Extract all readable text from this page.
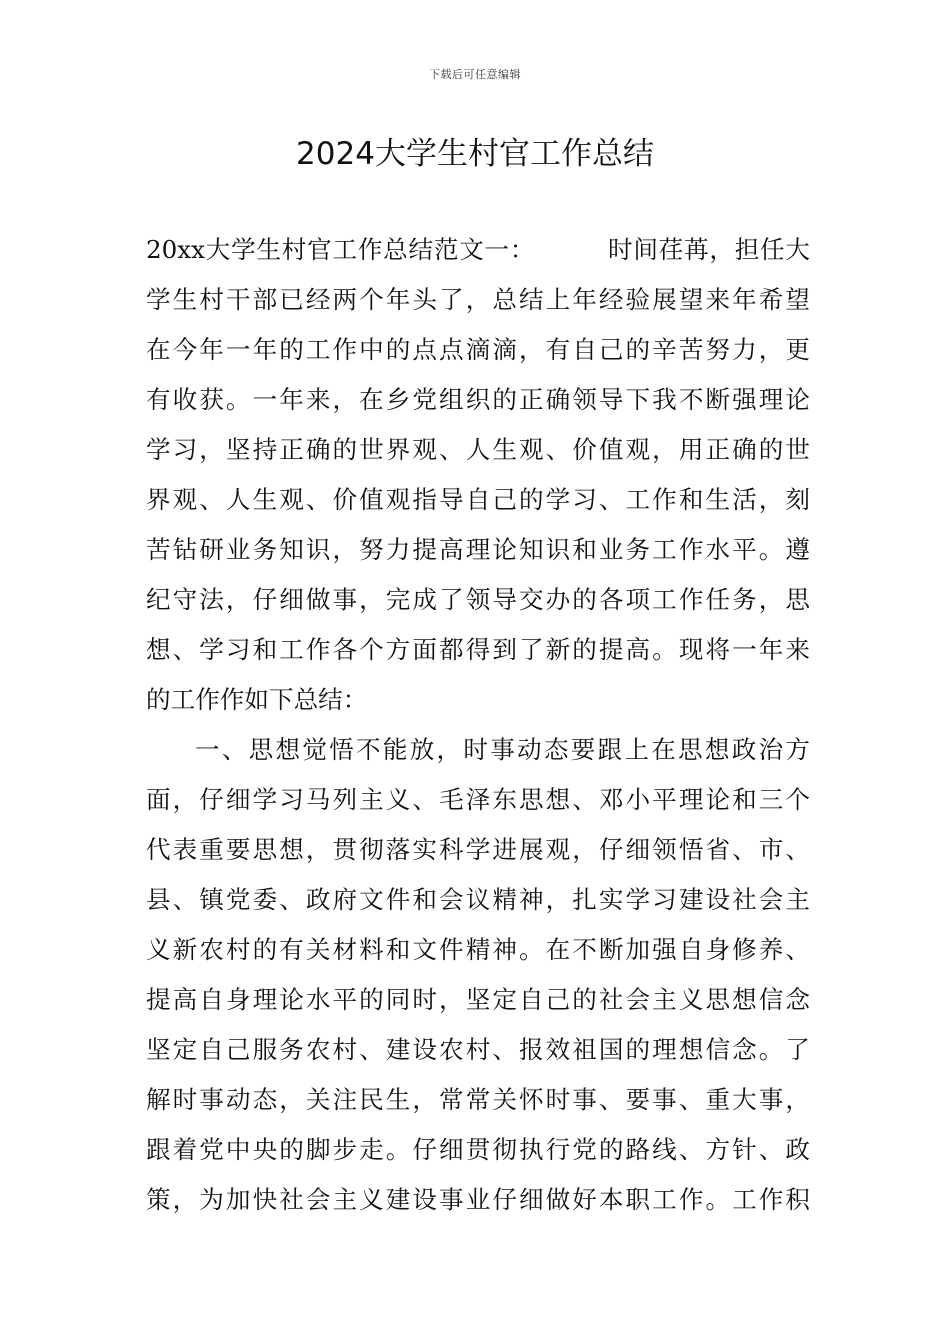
下载后可任意编辑
2024大学生村官工作总结
20xx大学生村官工作总结范文一：	时间荏苒，担任大
学生村干部已经两个年头了，总结上年经验展望来年希望
在今年一年的工作中的点点滴滴，有自己的辛苦努力，更
有收获。一年来，在乡党组织的正确领导下我不断强理论
学习，坚持正确的世界观、人生观、价值观，用正确的世
界观、人生观、价值观指导自己的学习、工作和生活，刻
苦钻研业务知识，努力提高理论知识和业务工作水平。遵
纪守法，仔细做事，完成了领导交办的各项工作任务，思
想、学习和工作各个方面都得到了新的提高。现将一年来
的工作作如下总结：
一、思想觉悟不能放，时事动态要跟上在思想政治方
面，仔细学习马列主义、毛泽东思想、邓小平理论和三个
代表重要思想，贯彻落实科学进展观，仔细领悟省、市、
县、镇党委、政府文件和会议精神，扎实学习建设社会主
义新农村的有关材料和文件精神。在不断加强自身修养、
提高自身理论水平的同时，坚定自己的社会主义思想信念
坚定自己服务农村、建设农村、报效祖国的理想信念。了
解时事动态，关注民生，常常关怀时事、要事、重大事，
跟着党中央的脚步走。仔细贯彻执行党的路线、方针、政
策，为加快社会主义建设事业仔细做好本职工作。工作积
